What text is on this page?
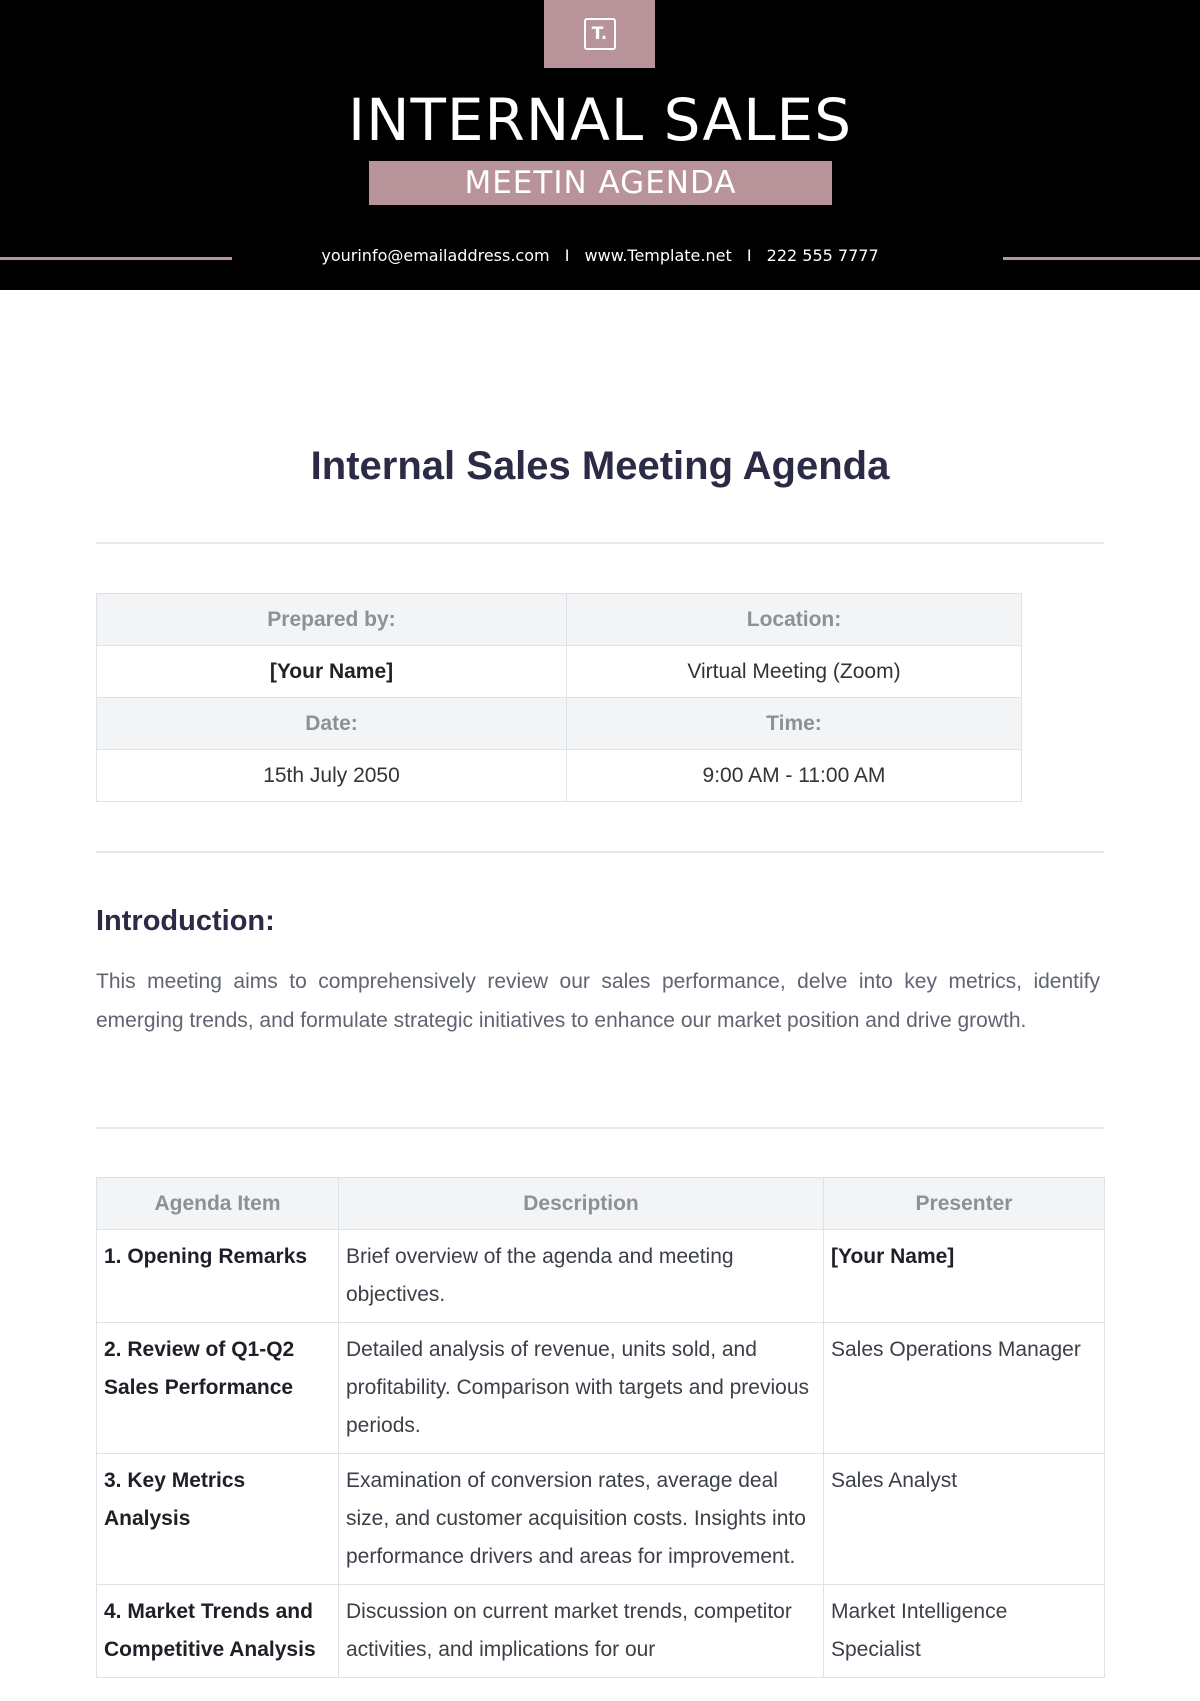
T.
INTERNAL SALES
MEETIN AGENDA
yourinfo@emailaddress.com I www.Template.net I 222 555 7777
Internal Sales Meeting Agenda
Prepared by:	Location:
[Your Name]	Virtual Meeting (Zoom)
Date:	Time:
15th July 2050	9:00 AM - 11:00 AM
Introduction:

This meeting aims to comprehensively review our sales performance, delve into key metrics, identify emerging trends, and formulate strategic initiatives to enhance our market position and drive growth.

Agenda Item	Description	Presenter
1. Opening Remarks	Brief overview of the agenda and meeting objectives.	[Your Name]
2. Review of Q1-Q2 Sales Performance	Detailed analysis of revenue, units sold, and profitability. Comparison with targets and previous periods.	Sales Operations Manager
3. Key Metrics Analysis	Examination of conversion rates, average deal size, and customer acquisition costs. Insights into performance drivers and areas for improvement.	Sales Analyst
4. Market Trends and Competitive Analysis	Discussion on current market trends, competitor activities, and implications for our	Market Intelligence Specialist
